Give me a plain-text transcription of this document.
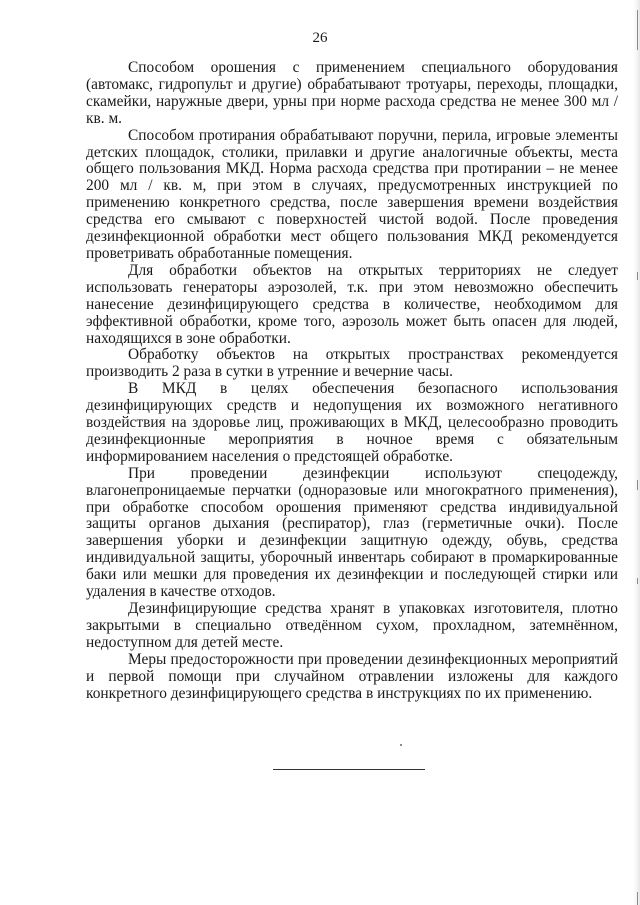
26

Способом орошения с применением специального оборудования (автомакс, гидропульт и другие) обрабатывают тротуары, переходы, площадки, скамейки, наружные двери, урны при норме расхода средства не менее 300 мл / кв. м.

Способом протирания обрабатывают поручни, перила, игровые элементы детских площадок, столики, прилавки и другие аналогичные объекты, места общего пользования МКД. Норма расхода средства при протирании – не менее 200 мл / кв. м, при этом в случаях, предусмотренных инструкцией по применению конкретного средства, после завершения времени воздействия средства его смывают с поверхностей чистой водой. После проведения дезинфекционной обработки мест общего пользования МКД рекомендуется проветривать обработанные помещения.

Для обработки объектов на открытых территориях не следует использовать генераторы аэрозолей, т.к. при этом невозможно обеспечить нанесение дезинфицирующего средства в количестве, необходимом для эффективной обработки, кроме того, аэрозоль может быть опасен для людей, находящихся в зоне обработки.

Обработку объектов на открытых пространствах рекомендуется производить 2 раза в сутки в утренние и вечерние часы.

В МКД в целях обеспечения безопасного использования дезинфицирующих средств и недопущения их возможного негативного воздействия на здоровье лиц, проживающих в МКД, целесообразно проводить дезинфекционные мероприятия в ночное время с обязательным информированием населения о предстоящей обработке.

При проведении дезинфекции используют спецодежду, влагонепроницаемые перчатки (одноразовые или многократного применения), при обработке способом орошения применяют средства индивидуальной защиты органов дыхания (респиратор), глаз (герметичные очки). После завершения уборки и дезинфекции защитную одежду, обувь, средства индивидуальной защиты, уборочный инвентарь собирают в промаркированные баки или мешки для проведения их дезинфекции и последующей стирки или удаления в качестве отходов.

Дезинфицирующие средства хранят в упаковках изготовителя, плотно закрытыми в специально отведённом сухом, прохладном, затемнённом, недоступном для детей месте.

Меры предосторожности при проведении дезинфекционных мероприятий и первой помощи при случайном отравлении изложены для каждого конкретного дезинфицирующего средства в инструкциях по их применению.
